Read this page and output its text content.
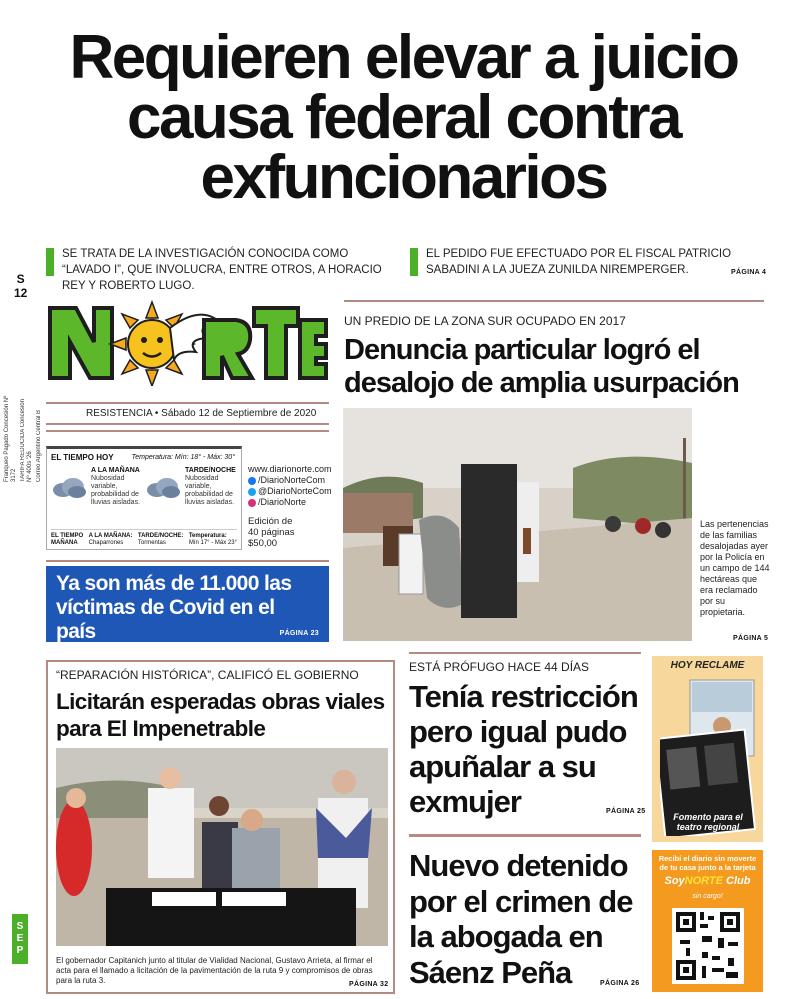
Requieren elevar a juicio causa federal contra exfuncionarios
SE TRATA DE LA INVESTIGACIÓN CONOCIDA COMO “LAVADO I”, QUE INVOLUCRA, ENTRE OTROS, A HORACIO REY Y ROBERTO LUGO.
EL PEDIDO FUE EFECTUADO POR EL FISCAL PATRICIO SABADINI A LA JUEZA ZUNILDA NIREMPERGER.	PÁGINA 4
S
12
Franqueo Pagado Concesión Nº 3172 TARIFA REDUCIDA Concesión Nº 400s '26 Correo Argentino Central B
S
E
P
RESISTENCIA • Sábado 12 de Septiembre de 2020
EL TIEMPO HOY	Temperatura: Mín: 18° - Máx: 30°
A LA MAÑANA
Nubosidad variable, probabilidad de lluvias aisladas.
TARDE/NOCHE
Nubosidad variable, probabilidad de lluvias aisladas.
EL TIEMPO
MAÑANA
A LA MAÑANA:
Chaparrones
TARDE/NOCHE:
Tormentas
Temperatura:
Mín 17° - Máx 23°
www.diarionorte.com
/DiarioNorteCom
@DiarioNorteCom
/DiarioNorte
Edición de
40 páginas
$50,00
Ya son más de 11.000 las víctimas de Covid en el país	PÁGINA 23
UN PREDIO DE LA ZONA SUR OCUPADO EN 2017
Denuncia particular logró el desalojo de amplia usurpación
Las pertenencias de las familias desalojadas ayer por la Policía en un campo de 144 hectáreas que era reclamado por su propietaria.
PÁGINA 5
“REPARACIÓN HISTÓRICA”, CALIFICÓ EL GOBIERNO
Licitarán esperadas obras viales para El Impenetrable
El gobernador Capitanich junto al titular de Vialidad Nacional, Gustavo Arrieta, al firmar el acta para el llamado a licitación de la pavimentación de la ruta 9 y compromisos de obras para la ruta 3.	PÁGINA 32
ESTÁ PRÓFUGO HACE 44 DÍAS
Tenía restricción pero igual pudo apuñalar a su exmujer	PÁGINA 25
Nuevo detenido por el crimen de la abogada en Sáenz Peña	PÁGINA 26
HOY RECLAME
Fomento para el teatro regional
Recibí el diario sin moverte de tu casa junto a la tarjeta
SoyNORTE Club
sin cargo!
